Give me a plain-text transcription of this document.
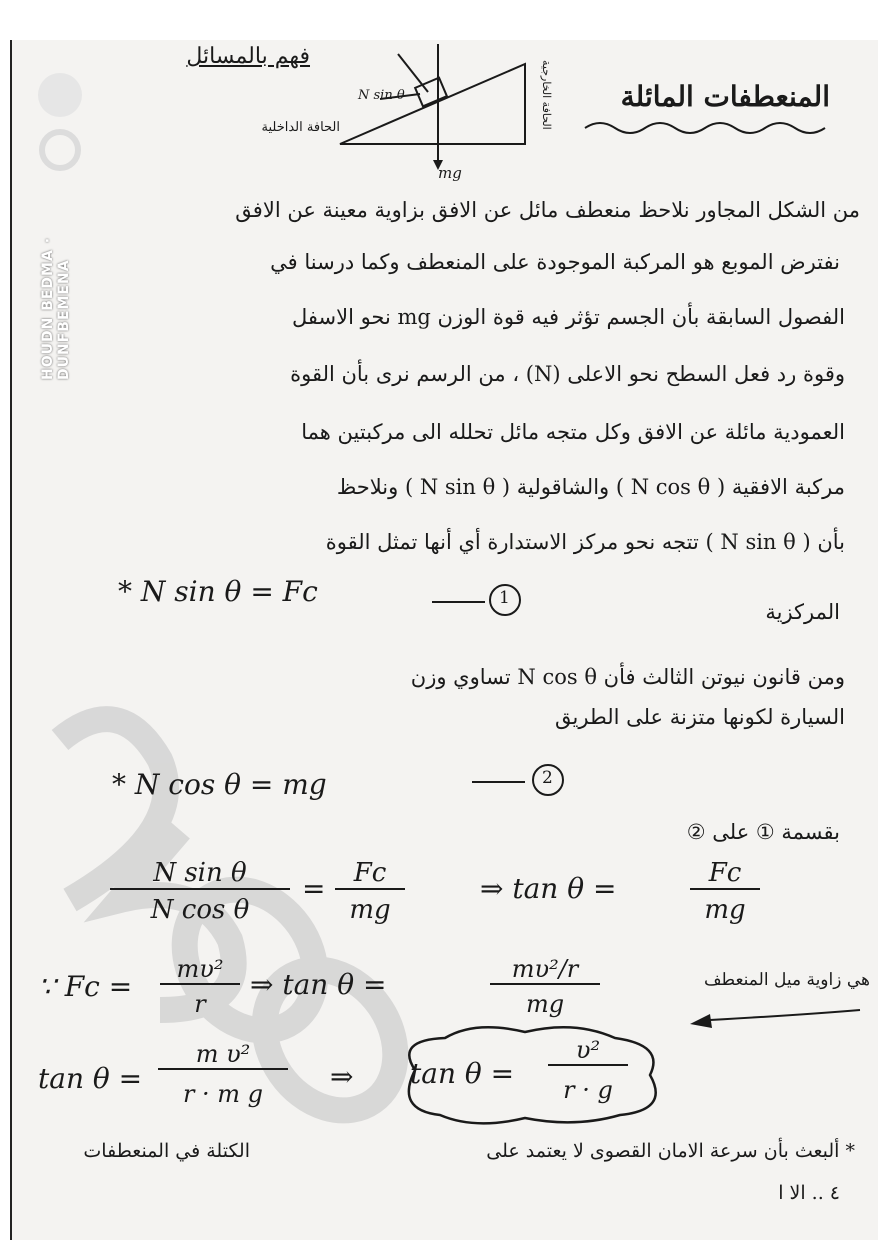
HOUDN BEDMA · DUNFBEMENA
فهم بالمسائل
المنعطفات المائلة
N sin θ
mg
الحافة الداخلية	الحافة الخارجية
من الشكل المجاور نلاحظ منعطف مائل عن الافق بزاوية معينة عن الافق
نفترض الموبع هو المركبة الموجودة على المنعطف وكما درسنا في
الفصول السابقة بأن الجسم تؤثر فيه قوة الوزن mg نحو الاسفل
وقوة رد فعل السطح نحو الاعلى (N) ، من الرسم نرى بأن القوة
العمودية مائلة عن الافق وكل متجه مائل تحلله الى مركبتين هما
مركبة الافقية ( N cos θ ) والشاقولية ( N sin θ ) ونلاحظ
بأن ( N sin θ ) تتجه نحو مركز الاستدارة أي أنها تمثل القوة
* N sin θ = Fc	1
المركزية
ومن قانون نيوتن الثالث فأن N cos θ تساوي وزن
السيارة لكونها متزنة على الطريق
* N cos θ = mg	2
بقسمة ① على ②
N sin θ
N cos θ
=	Fc
mg
⇒ tan θ =	Fc
mg
∵ Fc =
mυ²
r
⇒ tan θ =	mυ²/r
mg
هي زاوية ميل المنعطف
tan θ =
m υ²
r · m g
⇒ tan θ =
υ²
r · g
الكتلة في المنعطفات	* ألبعث بأن سرعة الامان القصوى لا يعتمد على
٤ .. الا ا
